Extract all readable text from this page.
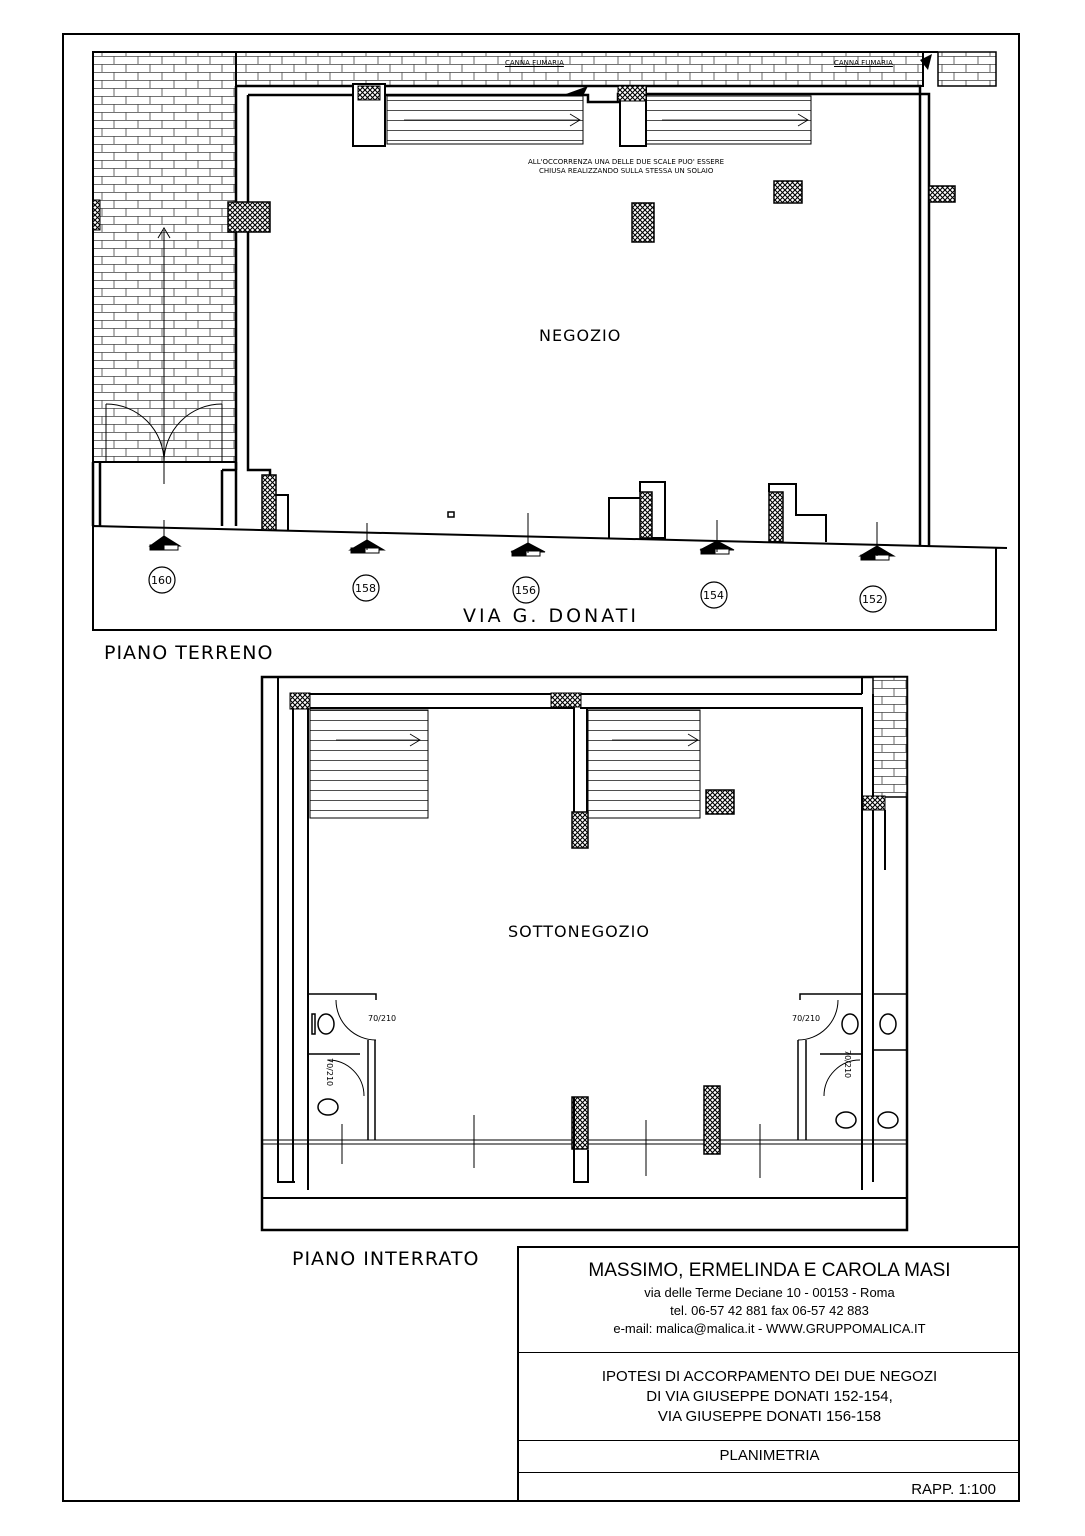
CANNA FUMARIA	CANNA FUMARIA
ALL'OCCORRENZA UNA DELLE DUE SCALE PUO' ESSERE
CHIUSA REALIZZANDO SULLA STESSA UN SOLAIO
NEGOZIO
VIA G. DONATI
PIANO TERRENO
160
158	156	154	152
SOTTONEGOZIO
70/210
70/210
70/210
70/210
PIANO INTERRATO
MASSIMO, ERMELINDA E CAROLA MASI
via delle Terme Deciane 10 - 00153 - Roma
tel. 06-57 42 881 fax 06-57 42 883
e-mail: malica@malica.it - WWW.GRUPPOMALICA.IT
IPOTESI DI ACCORPAMENTO DEI DUE NEGOZI
DI VIA GIUSEPPE DONATI 152-154,
VIA GIUSEPPE DONATI 156-158
PLANIMETRIA
RAPP. 1:100
